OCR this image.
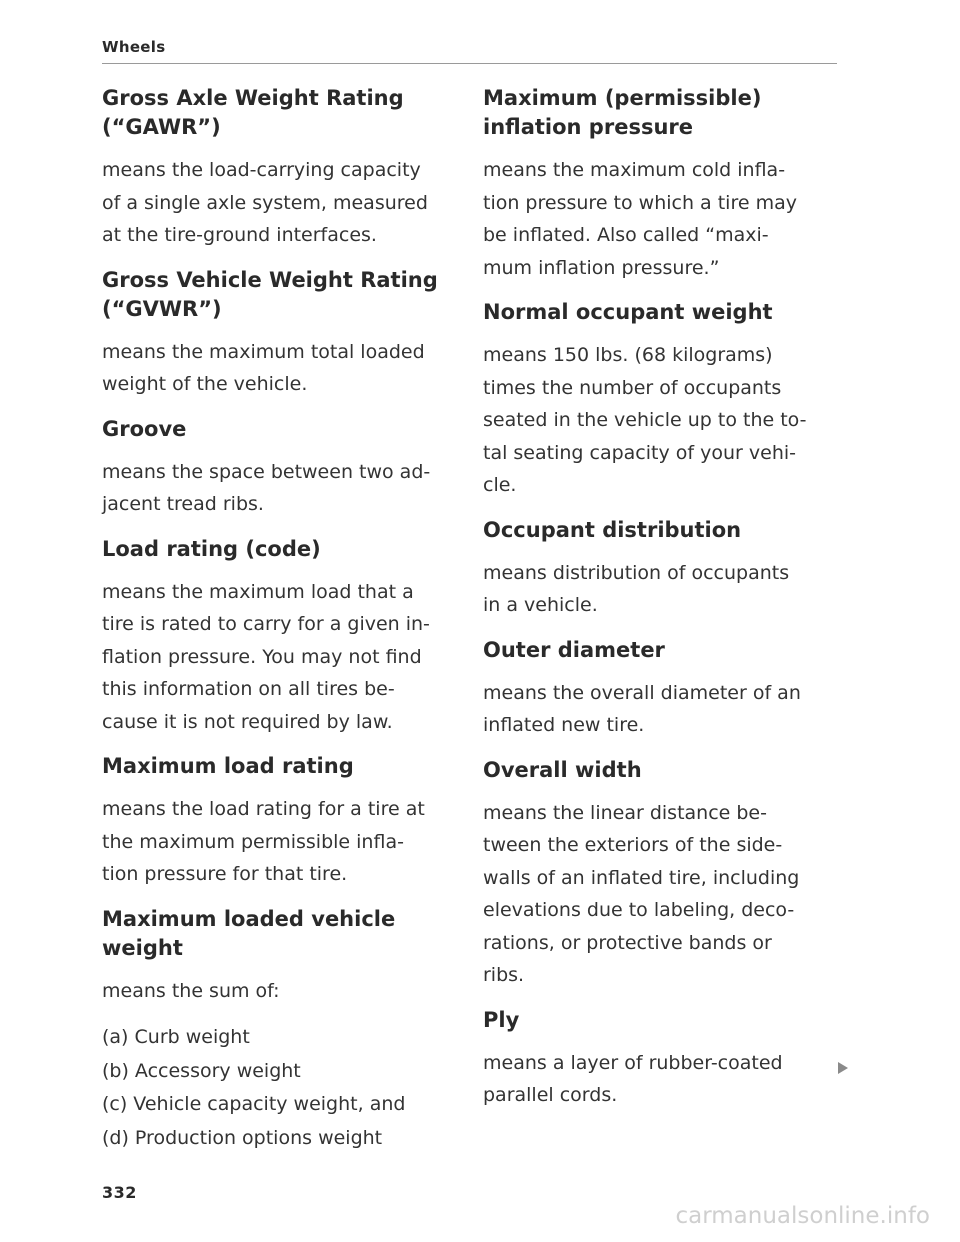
Wheels
Gross Axle Weight Rating
(“GAWR”)

means the load-carrying capacity
of a single axle system, measured
at the tire-ground interfaces.

Gross Vehicle Weight Rating
(“GVWR”)

means the maximum total loaded
weight of the vehicle.

Groove

means the space between two ad-
jacent tread ribs.

Load rating (code)

means the maximum load that a
tire is rated to carry for a given in-
flation pressure. You may not find
this information on all tires be-
cause it is not required by law.

Maximum load rating

means the load rating for a tire at
the maximum permissible infla-
tion pressure for that tire.

Maximum loaded vehicle
weight

means the sum of:

(a) Curb weight
(b) Accessory weight
(c) Vehicle capacity weight, and
(d) Production options weight
Maximum (permissible)
inflation pressure

means the maximum cold infla-
tion pressure to which a tire may
be inflated. Also called “maxi-
mum inflation pressure.”

Normal occupant weight

means 150 lbs. (68 kilograms)
times the number of occupants
seated in the vehicle up to the to-
tal seating capacity of your vehi-
cle.

Occupant distribution

means distribution of occupants
in a vehicle.

Outer diameter

means the overall diameter of an
inflated new tire.

Overall width

means the linear distance be-
tween the exteriors of the side-
walls of an inflated tire, including
elevations due to labeling, deco-
rations, or protective bands or
ribs.

Ply

means a layer of rubber-coated
parallel cords.

332
carmanualsonline.info
